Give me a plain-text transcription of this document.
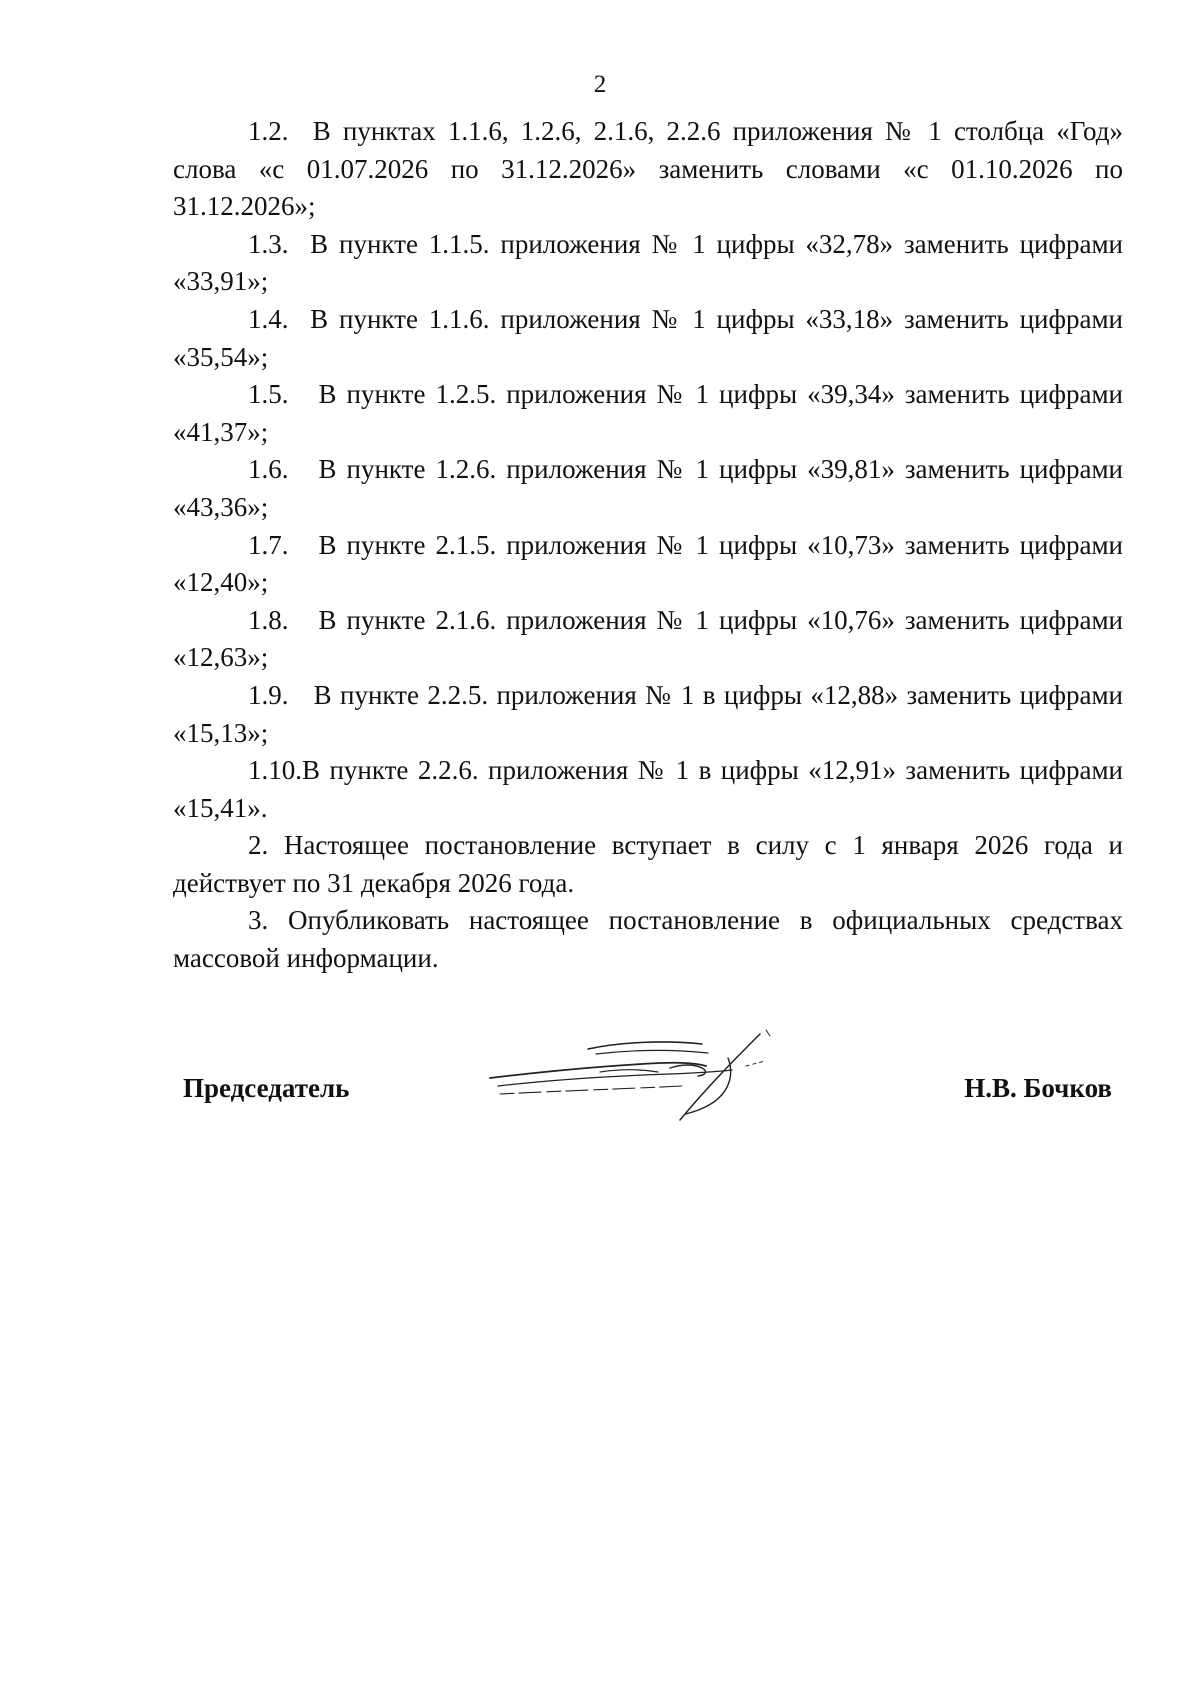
2

1.2.  В пунктах 1.1.6, 1.2.6, 2.1.6, 2.2.6 приложения № 1 столбца «Год» слова «с 01.07.2026 по 31.12.2026» заменить словами «с 01.10.2026 по 31.12.2026»;

1.3.  В пункте 1.1.5. приложения № 1 цифры «32,78» заменить цифрами «33,91»;

1.4.  В пункте 1.1.6. приложения № 1 цифры «33,18» заменить цифрами «35,54»;

1.5.   В пункте 1.2.5. приложения № 1 цифры «39,34» заменить цифрами «41,37»;

1.6.   В пункте 1.2.6. приложения № 1 цифры «39,81» заменить цифрами «43,36»;

1.7.   В пункте 2.1.5. приложения № 1 цифры «10,73» заменить цифрами «12,40»;

1.8.   В пункте 2.1.6. приложения № 1 цифры «10,76» заменить цифрами «12,63»;

1.9.   В пункте 2.2.5. приложения № 1 в цифры «12,88» заменить цифрами «15,13»;

1.10.В пункте 2.2.6. приложения № 1 в цифры «12,91» заменить цифрами «15,41».

2. Настоящее постановление вступает в силу с 1 января 2026 года и действует по 31 декабря 2026 года.

3. Опубликовать настоящее постановление в официальных средствах массовой информации.

Председатель	Н.В. Бочков
